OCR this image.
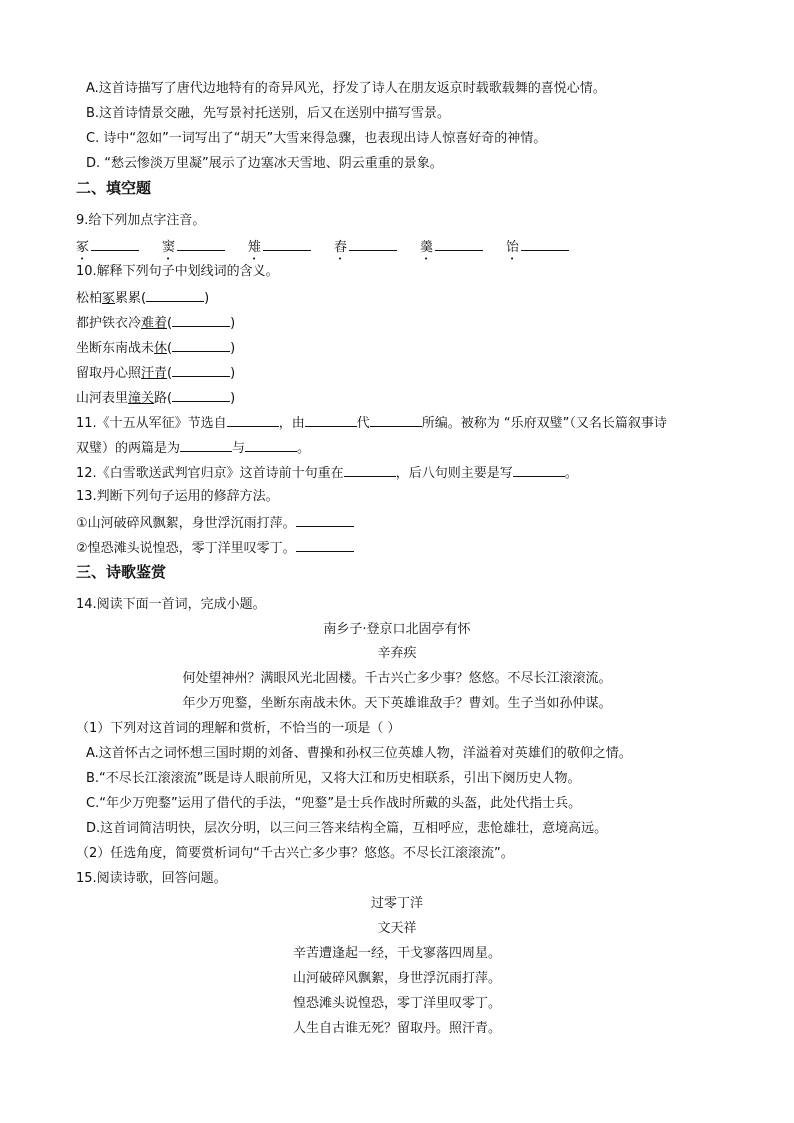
A.这首诗描写了唐代边地特有的奇异风光，抒发了诗人在朋友返京时载歌载舞的喜悦心情。
B.这首诗情景交融，先写景衬托送别，后又在送别中描写雪景。
C. 诗中“忽如”一词写出了“胡天”大雪来得急骤，也表现出诗人惊喜好奇的神情。
D. “愁云惨淡万里凝”展示了边塞冰天雪地、阴云重重的景象。
二、填空题
9.给下列加点字注音。
冢	窦	雉	舂	羹	饴
10.解释下列句子中划线词的含义。
松柏冢累累(	)
都护铁衣冷难着(	)
坐断东南战未休(	)
留取丹心照汗青(	)
山河表里潼关路(	)
11.《十五从军征》节选自	，由	代	所编。被称为 “乐府双璧”（又名长篇叙事诗
双璧）的两篇是为	与	。
12.《白雪歌送武判官归京》这首诗前十句重在	，后八句则主要是写	。
13.判断下列句子运用的修辞方法。
①山河破碎风飘絮，身世浮沉雨打萍。
②惶恐滩头说惶恐，零丁洋里叹零丁。
三、诗歌鉴赏
14.阅读下面一首词，完成小题。
南乡子·登京口北固亭有怀
辛弃疾
何处望神州？满眼风光北固楼。千古兴亡多少事？悠悠。不尽长江滚滚流。
年少万兜鍪，坐断东南战未休。天下英雄谁敌手？曹刘。生子当如孙仲谋。
（1）下列对这首词的理解和赏析，不恰当的一项是（ ）
A.这首怀古之词怀想三国时期的刘备、曹操和孙权三位英雄人物，洋溢着对英雄们的敬仰之情。
B.“不尽长江滚滚流”既是诗人眼前所见，又将大江和历史相联系，引出下阕历史人物。
C.“年少万兜鍪”运用了借代的手法，“兜鍪”是士兵作战时所戴的头盔，此处代指士兵。
D.这首词简洁明快，层次分明，以三问三答来结构全篇，互相呼应，悲怆雄壮，意境高远。
（2）任选角度，简要赏析词句“千古兴亡多少事？悠悠。不尽长江滚滚流”。
15.阅读诗歌，回答问题。
过零丁洋
文天祥
辛苦遭逢起一经，干戈寥落四周星。
山河破碎风飘絮，身世浮沉雨打萍。
惶恐滩头说惶恐，零丁洋里叹零丁。
人生自古谁无死？留取丹。照汗青。
